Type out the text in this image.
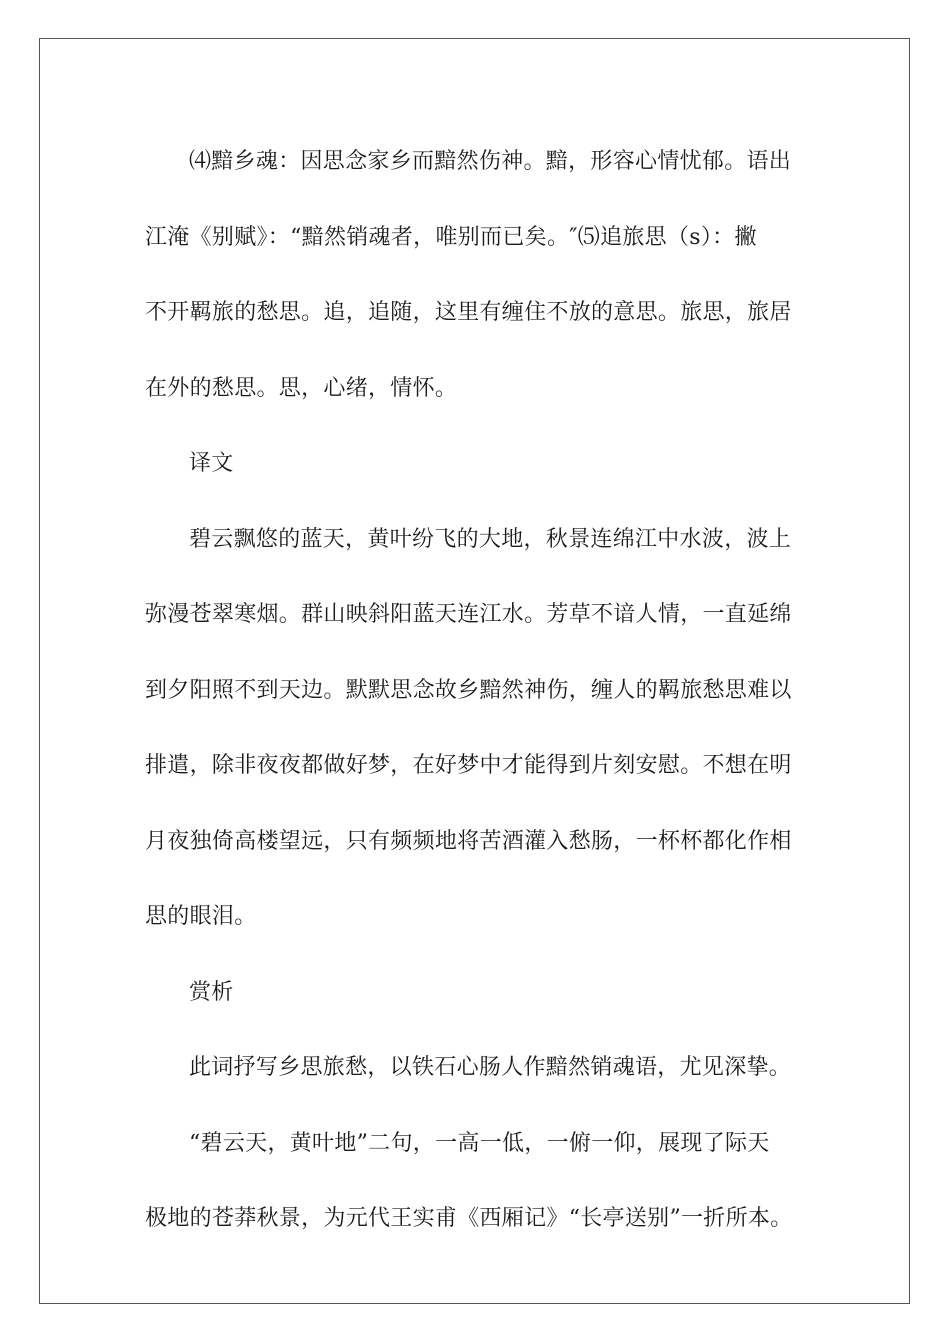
⑷黯乡魂：因思念家乡而黯然伤神。黯，形容心情忧郁。语出
江淹《别赋》：“黯然销魂者，唯别而已矣。″⑸追旅思（s）：撇
不开羁旅的愁思。追，追随，这里有缠住不放的意思。旅思，旅居
在外的愁思。思，心绪，情怀。

译文

碧云飘悠的蓝天，黄叶纷飞的大地，秋景连绵江中水波，波上
弥漫苍翠寒烟。群山映斜阳蓝天连江水。芳草不谙人情，一直延绵
到夕阳照不到天边。默默思念故乡黯然神伤，缠人的羁旅愁思难以
排遣，除非夜夜都做好梦，在好梦中才能得到片刻安慰。不想在明
月夜独倚高楼望远，只有频频地将苦酒灌入愁肠，一杯杯都化作相
思的眼泪。

赏析

此词抒写乡思旅愁，以铁石心肠人作黯然销魂语，尤见深挚。

“碧云天，黄叶地”二句，一高一低，一俯一仰，展现了际天
极地的苍莽秋景，为元代王实甫《西厢记》“长亭送别”一折所本。
